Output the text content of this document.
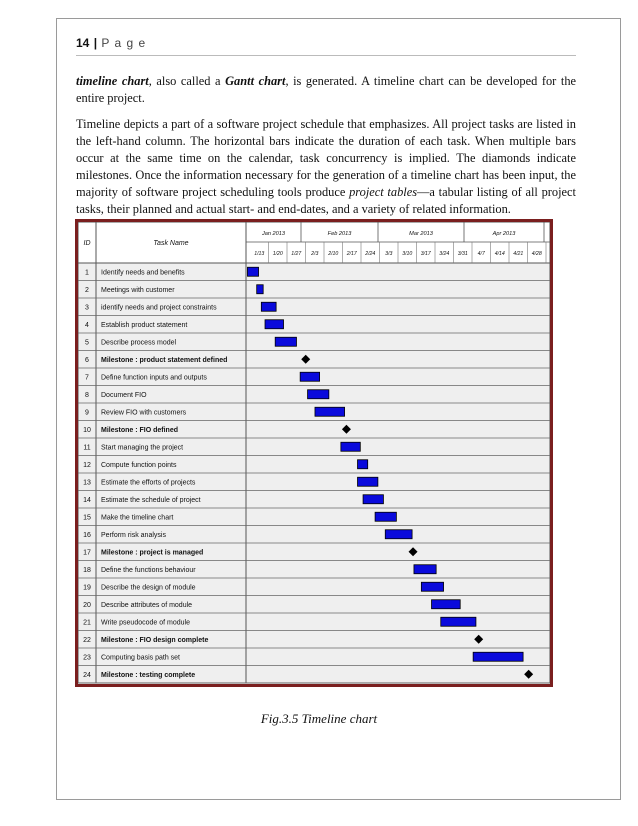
14 | P a g e

timeline chart, also called a Gantt chart, is generated. A timeline chart can be developed for the entire project.

Timeline depicts a part of a software project schedule that emphasizes. All project tasks are listed in the left-hand column. The horizontal bars indicate the duration of each task. When multiple bars occur at the same time on the calendar, task concurrency is implied. The diamonds indicate milestones. Once the information necessary for the generation of a timeline chart has been input, the majority of software project scheduling tools produce project tables—a tabular listing of all project tasks, their planned and actual start- and end-dates, and a variety of related information.

ID	Task Name
Jan 2013	Feb 2013	Mar 2013	Apr 2013
1/13 1/20 1/27 2/3 2/10 2/17 2/24 3/3 3/10 3/17 3/24 3/31 4/7 4/14 4/21 4/28
1 Identify needs and benefits
2 Meetings with customer
3 identify needs and project constraints
4 Establish product statement
5 Describe process model
6 Milestone : product statement defined
7 Define function inputs and outputs
8 Document FIO
9 Review FIO with customers
10 Milestone : FIO defined
11 Start managing the project
12 Compute function points
13 Estimate the efforts of projects
14 Estimate the schedule of project
15 Make the timeline chart
16 Perform risk analysis
17 Milestone : project is managed
18 Define the functions behaviour
19 Describe the design of module
20 Describe attributes of module
21 Write pseudocode of module
22 Milestone : FIO design complete
23 Computing basis path set
24 Milestone : testing complete
Fig.3.5 Timeline chart
